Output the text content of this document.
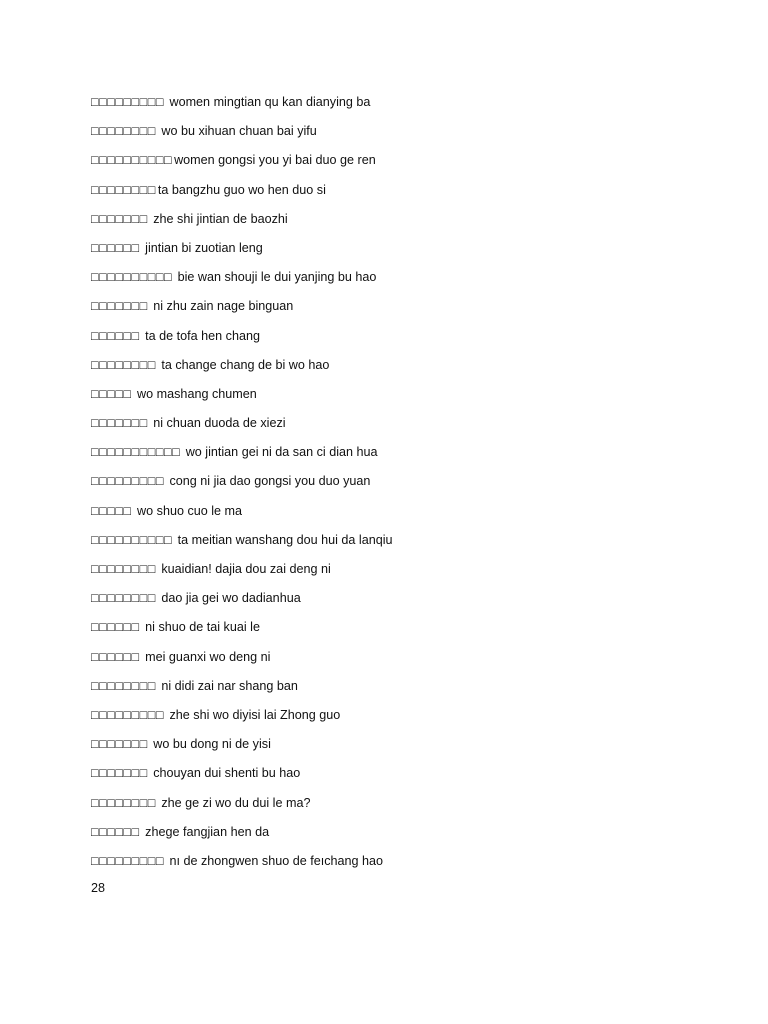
□□□□□□□□□ women mingtian qu kan dianying ba
□□□□□□□□ wo bu xihuan chuan bai yifu
□□□□□□□□□□ women gongsi you yi bai duo ge ren
□□□□□□□□ ta bangzhu guo wo hen duo si
□□□□□□□ zhe shi jintian de baozhi
□□□□□□ jintian bi zuotian leng
□□□□□□□□□□ bie wan shouji le dui yanjing bu hao
□□□□□□□ ni zhu zain nage binguan
□□□□□□ ta de tofa hen chang
□□□□□□□□ ta change chang de bi wo hao
□□□□□ wo mashang chumen
□□□□□□□ ni chuan duoda de xiezi
□□□□□□□□□□□ wo jintian gei ni da san ci dian hua
□□□□□□□□□ cong ni jia dao gongsi you duo yuan
□□□□□ wo shuo cuo le ma
□□□□□□□□□□ ta meitian wanshang dou hui da lanqiu
□□□□□□□□ kuaidian! dajia dou zai deng ni
□□□□□□□□ dao jia gei wo dadianhua
□□□□□□ ni shuo de tai kuai le
□□□□□□ mei guanxi wo deng ni
□□□□□□□□ ni didi zai nar shang ban
□□□□□□□□□ zhe shi wo diyisi lai Zhong guo
□□□□□□□ wo bu dong ni de yisi
□□□□□□□ chouyan dui shenti bu hao
□□□□□□□□ zhe ge zi wo du dui le ma?
□□□□□□ zhege fangjian hen da
□□□□□□□□□ nı de zhongwen shuo de feıchang hao
28
